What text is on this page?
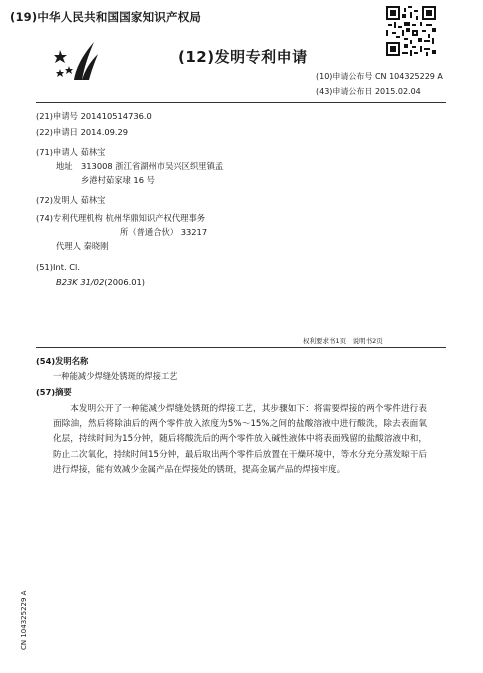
(19)中华人民共和国国家知识产权局
(12)发明专利申请
(10)申请公布号 CN 104325229 A
(43)申请公布日 2015.02.04
(21)申请号 201410514736.0
(22)申请日 2014.09.29
(71)申请人 茹林宝
地址 313008 浙江省湖州市吴兴区织里镇孟
乡港村茹家埭 16 号
(72)发明人 茹林宝
(74)专利代理机构 杭州华鼎知识产权代理事务
所（普通合伙） 33217
代理人 秦晓刚
(51)Int. Cl.
B23K 31/02(2006.01)
权利要求书1页　说明书2页
(54)发明名称
一种能减少焊缝处锈斑的焊接工艺
(57)摘要
本发明公开了一种能减少焊缝处锈斑的焊接工艺，其步骤如下：将需要焊接的两个零件进行表面除油，然后将除油后的两个零件放入浓度为5%～15%之间的盐酸溶液中进行酸洗，除去表面氧化层，持续时间为15分钟，随后将酸洗后的两个零件放入碱性液体中将表面残留的盐酸溶液中和，防止二次氧化，持续时间15分钟，最后取出两个零件后放置在干燥环境中，等水分充分蒸发晾干后进行焊接，能有效减少金属产品在焊接处的锈斑，提高金属产品的焊接牢度。
CN 104325229 A
